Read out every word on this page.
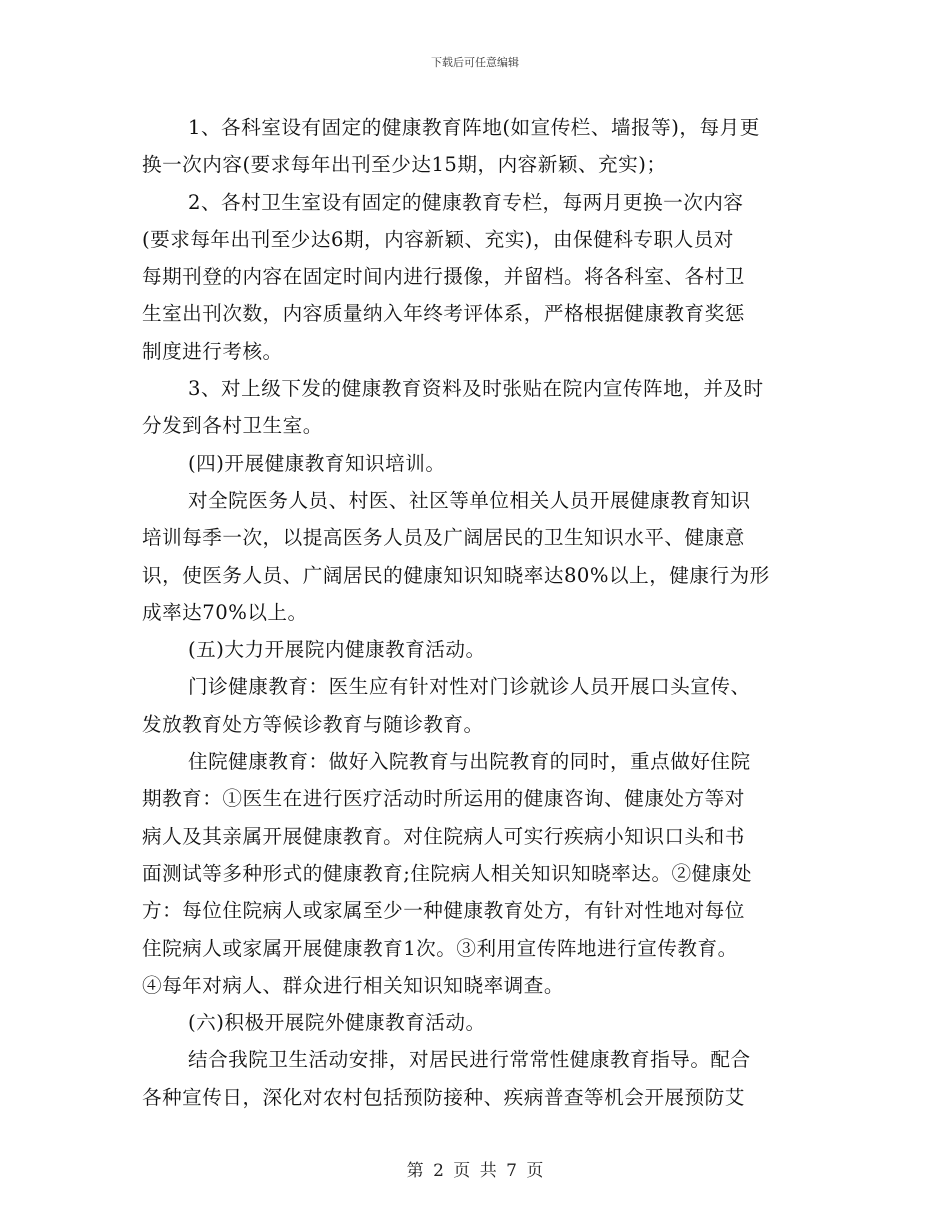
下载后可任意编辑
1、各科室设有固定的健康教育阵地(如宣传栏、墙报等)，每月更
换一次内容(要求每年出刊至少达15期，内容新颖、充实)；
2、各村卫生室设有固定的健康教育专栏，每两月更换一次内容
(要求每年出刊至少达6期，内容新颖、充实)，由保健科专职人员对
每期刊登的内容在固定时间内进行摄像，并留档。将各科室、各村卫
生室出刊次数，内容质量纳入年终考评体系，严格根据健康教育奖惩
制度进行考核。
3、对上级下发的健康教育资料及时张贴在院内宣传阵地，并及时
分发到各村卫生室。
(四)开展健康教育知识培训。
对全院医务人员、村医、社区等单位相关人员开展健康教育知识
培训每季一次，以提高医务人员及广阔居民的卫生知识水平、健康意
识，使医务人员、广阔居民的健康知识知晓率达80%以上，健康行为形
成率达70%以上。
(五)大力开展院内健康教育活动。
门诊健康教育：医生应有针对性对门诊就诊人员开展口头宣传、
发放教育处方等候诊教育与随诊教育。
住院健康教育：做好入院教育与出院教育的同时，重点做好住院
期教育：①医生在进行医疗活动时所运用的健康咨询、健康处方等对
病人及其亲属开展健康教育。对住院病人可实行疾病小知识口头和书
面测试等多种形式的健康教育;住院病人相关知识知晓率达。②健康处
方：每位住院病人或家属至少一种健康教育处方，有针对性地对每位
住院病人或家属开展健康教育1次。③利用宣传阵地进行宣传教育。
④每年对病人、群众进行相关知识知晓率调查。
(六)积极开展院外健康教育活动。
结合我院卫生活动安排，对居民进行常常性健康教育指导。配合
各种宣传日，深化对农村包括预防接种、疾病普查等机会开展预防艾
第 2 页 共 7 页
